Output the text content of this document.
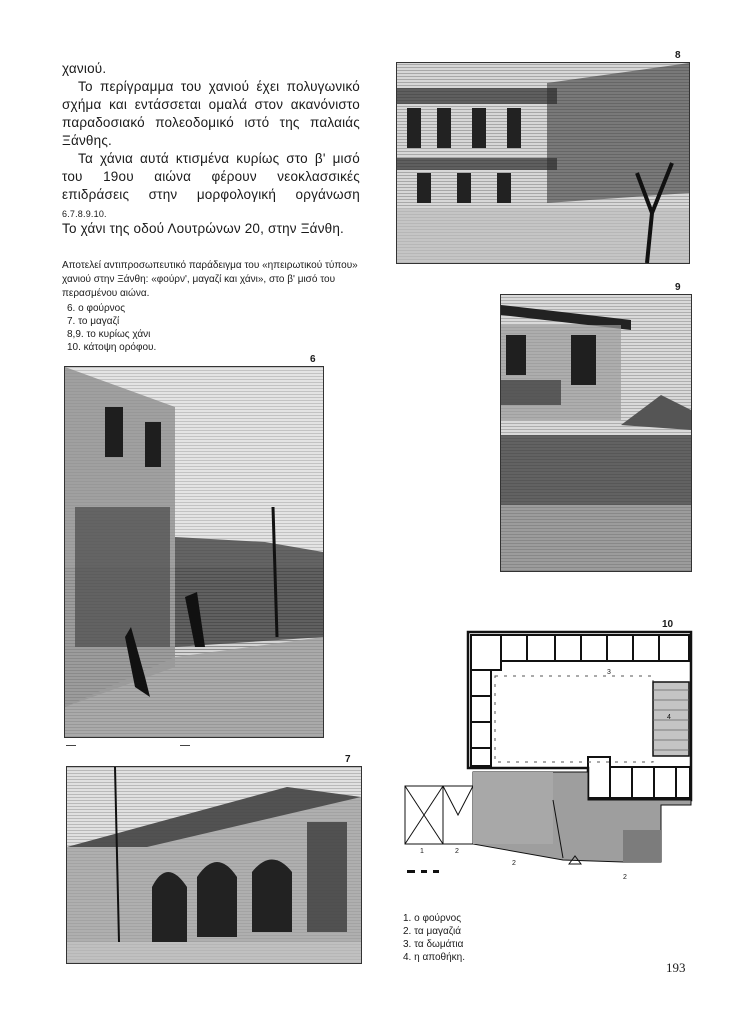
χανιού.
Το περίγραμμα του χανιού έχει πολυγωνικό σχήμα και εντάσσεται ομαλά στον ακανόνιστο παραδοσιακό πολεοδομικό ιστό της παλαιάς Ξάνθης.
Τα χάνια αυτά κτισμένα κυρίως στο β' μισό του 19ου αιώνα φέρουν νεοκλασσικές επιδράσεις στην μορφολογική οργάνωση 6.7.8.9.10.
Το χάνι της οδού Λουτρώνων 20, στην Ξάνθη.
Αποτελεί αντιπροσωπευτικό παράδειγμα του «ηπειρωτικού τύπου» χανιού στην Ξάνθη: «φούρν', μαγαζί και χάνι», στο β' μισό του περασμένου αιώνα.
6. ο φούρνος
7. το μαγαζί
8,9. το κυρίως χάνι
10. κάτοψη ορόφου.
8
9
6
7
10
3
4
1	2
2
2
1. ο φούρνος
2. τα μαγαζιά
3. τα δωμάτια
4. η αποθήκη.
193
